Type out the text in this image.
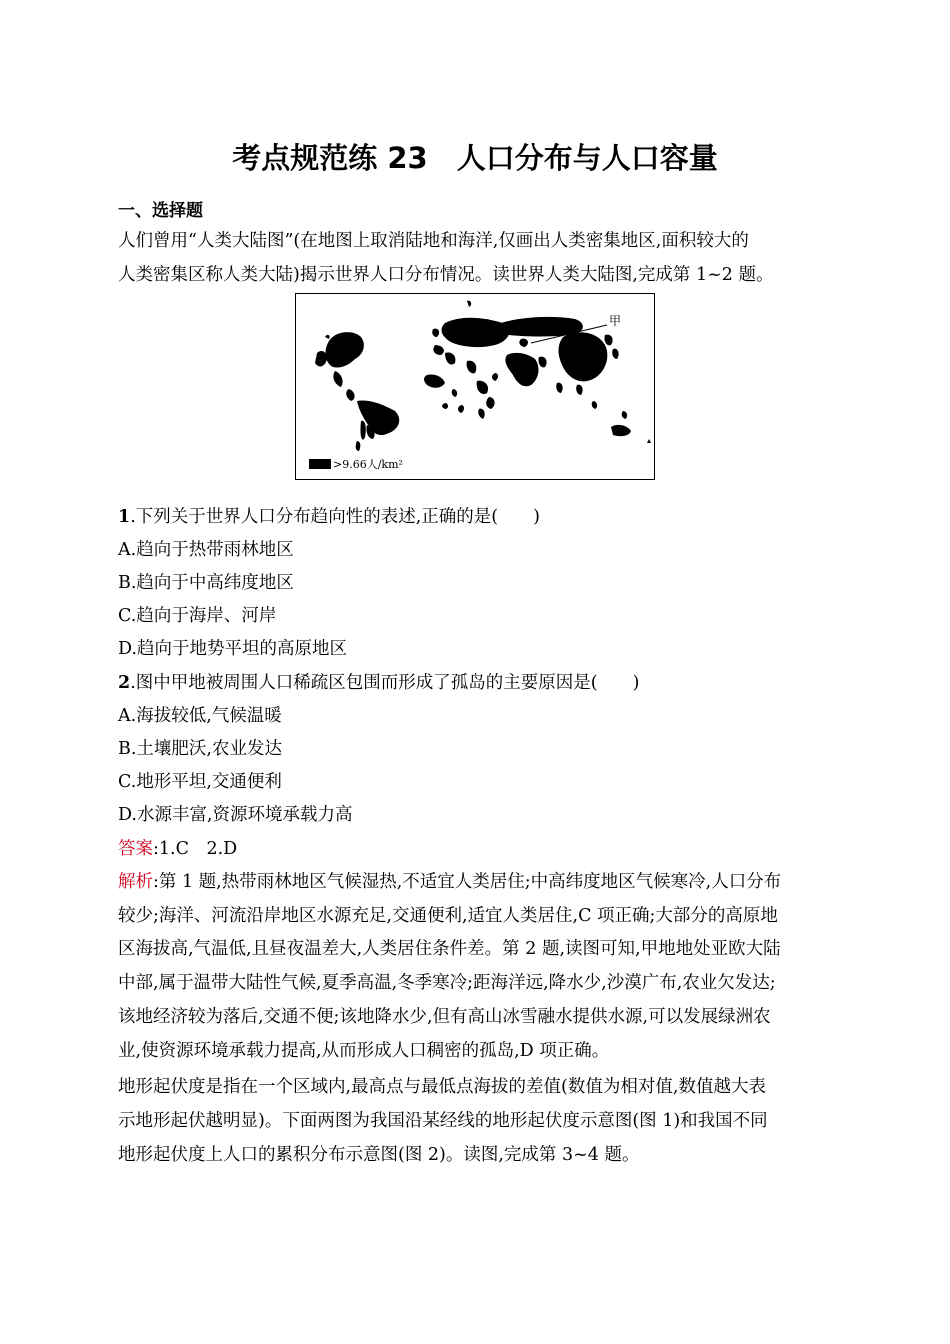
考点规范练 23　人口分布与人口容量
一、选择题
人们曾用“人类大陆图”(在地图上取消陆地和海洋,仅画出人类密集地区,面积较大的
人类密集区称人类大陆)揭示世界人口分布情况。读世界人类大陆图,完成第 1~2 题。
甲
>9.66人/km²
1.下列关于世界人口分布趋向性的表述,正确的是(　　)
A.趋向于热带雨林地区
B.趋向于中高纬度地区
C.趋向于海岸、河岸
D.趋向于地势平坦的高原地区
2.图中甲地被周围人口稀疏区包围而形成了孤岛的主要原因是(　　)
A.海拔较低,气候温暖
B.土壤肥沃,农业发达
C.地形平坦,交通便利
D.水源丰富,资源环境承载力高
答案:1.C　2.D
解析:第 1 题,热带雨林地区气候湿热,不适宜人类居住;中高纬度地区气候寒冷,人口分布
较少;海洋、河流沿岸地区水源充足,交通便利,适宜人类居住,C 项正确;大部分的高原地
区海拔高,气温低,且昼夜温差大,人类居住条件差。第 2 题,读图可知,甲地地处亚欧大陆
中部,属于温带大陆性气候,夏季高温,冬季寒冷;距海洋远,降水少,沙漠广布,农业欠发达;
该地经济较为落后,交通不便;该地降水少,但有高山冰雪融水提供水源,可以发展绿洲农
业,使资源环境承载力提高,从而形成人口稠密的孤岛,D 项正确。
地形起伏度是指在一个区域内,最高点与最低点海拔的差值(数值为相对值,数值越大表
示地形起伏越明显)。下面两图为我国沿某经线的地形起伏度示意图(图 1)和我国不同
地形起伏度上人口的累积分布示意图(图 2)。读图,完成第 3~4 题。
